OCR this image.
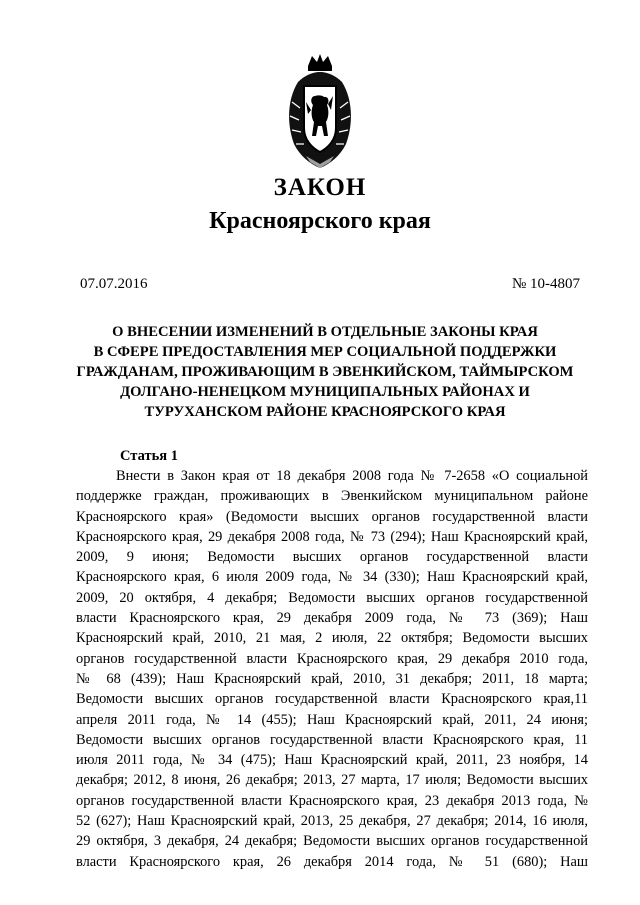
ЗАКОН
Красноярского края
07.07.2016	№ 10-4807
О ВНЕСЕНИИ ИЗМЕНЕНИЙ В ОТДЕЛЬНЫЕ ЗАКОНЫ КРАЯ
В СФЕРЕ ПРЕДОСТАВЛЕНИЯ МЕР СОЦИАЛЬНОЙ ПОДДЕРЖКИ
ГРАЖДАНАМ, ПРОЖИВАЮЩИМ В ЭВЕНКИЙСКОМ, ТАЙМЫРСКОМ
ДОЛГАНО-НЕНЕЦКОМ МУНИЦИПАЛЬНЫХ РАЙОНАХ И
ТУРУХАНСКОМ РАЙОНЕ КРАСНОЯРСКОГО КРАЯ
Статья 1
Внести в Закон края от 18 декабря 2008 года № 7-2658 «О социальной
поддержке граждан, проживающих в Эвенкийском муниципальном районе
Красноярского края» (Ведомости высших органов государственной власти
Красноярского края, 29 декабря 2008 года, № 73 (294); Наш Красноярский край,
2009, 9 июня; Ведомости высших органов государственной власти
Красноярского края, 6 июля 2009 года, № 34 (330); Наш Красноярский край,
2009, 20 октября, 4 декабря; Ведомости высших органов государственной
власти Красноярского края, 29 декабря 2009 года, № 73 (369); Наш
Красноярский край, 2010, 21 мая, 2 июля, 22 октября; Ведомости высших
органов государственной власти Красноярского края, 29 декабря 2010 года,
№ 68 (439); Наш Красноярский край, 2010, 31 декабря; 2011, 18 марта;
Ведомости высших органов государственной власти Красноярского края,11
апреля 2011 года, № 14 (455); Наш Красноярский край, 2011, 24 июня;
Ведомости высших органов государственной власти Красноярского края, 11
июля 2011 года, № 34 (475); Наш Красноярский край, 2011, 23 ноября, 14
декабря; 2012, 8 июня, 26 декабря; 2013, 27 марта, 17 июля; Ведомости высших
органов государственной власти Красноярского края, 23 декабря 2013 года, №
52 (627); Наш Красноярский край, 2013, 25 декабря, 27 декабря; 2014, 16 июля,
29 октября, 3 декабря, 24 декабря; Ведомости высших органов государственной
власти Красноярского края, 26 декабря 2014 года, № 51 (680); Наш
